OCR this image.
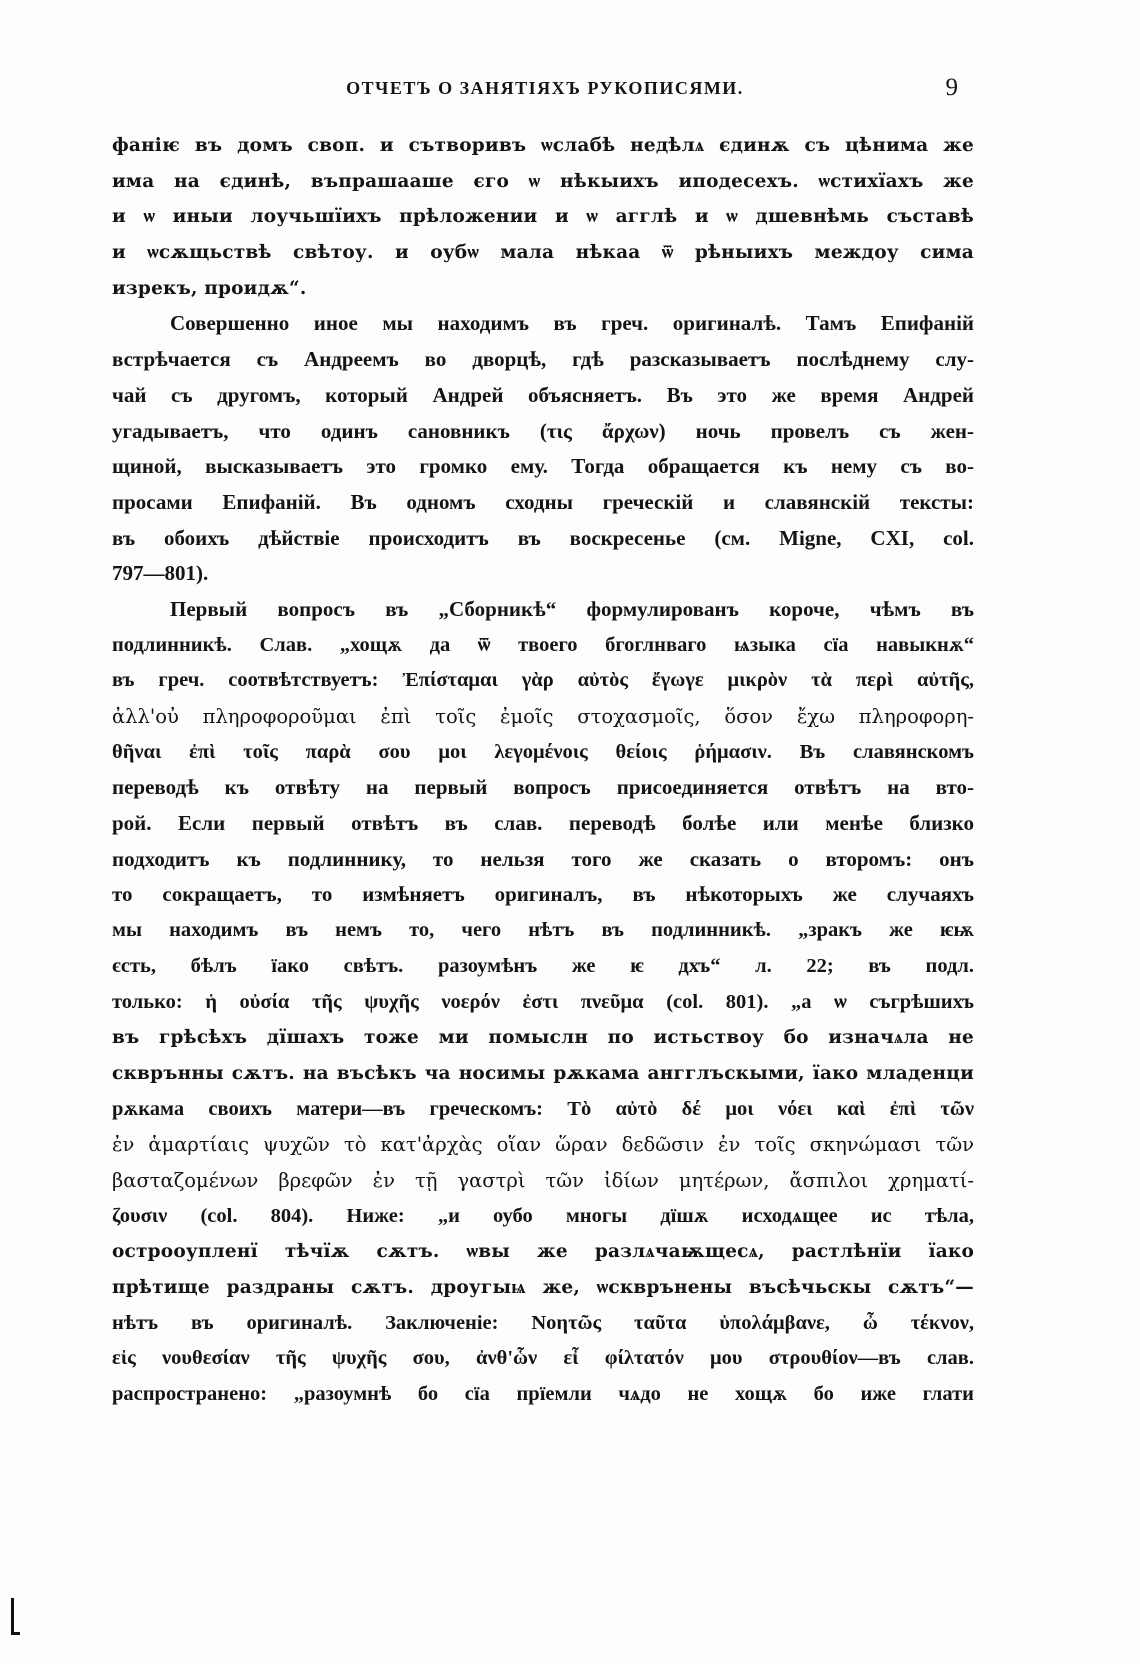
ОТЧЕТЪ О ЗАНЯТІЯХЪ РУКОПИСЯМИ.	9
фаніѥ въ домъ своп. и сътворивъ ѡслабѣ недѣлѧ єдинѫ съ цѣнима же
има на єдинѣ, въпрашааше єго ѡ нѣкыихъ иподесехъ. ѡстихїахъ же
и ѡ иныи лоучьшїихъ прѣложении и ѡ агглѣ и ѡ дшевнѣмь съставѣ
и ѡсѫщьствѣ свѣтоу. и оубѡ мала нѣкаа ѿ рѣныихъ междоу сима
изрекъ, проидѫ“.
Совершенно иное мы находимъ въ греч. оригиналѣ. Тамъ Епифаній
встрѣчается съ Андреемъ во дворцѣ, гдѣ разсказываетъ послѣднему слу-
чай съ другомъ, который Андрей объясняетъ. Въ это же время Андрей
угадываетъ, что одинъ сановникъ (τις ἄρχων) ночь провелъ съ жен-
щиной, высказываетъ это громко ему. Тогда обращается къ нему съ во-
просами Епифаній. Въ одномъ сходны греческій и славянскій тексты:
въ обоихъ дѣйствіе происходитъ въ воскресенье (см. Migne, CXI, col.
797—801).
Первый вопросъ въ „Сборникѣ“ формулированъ короче, чѣмъ въ
подлинникѣ. Слав. „хощѫ да ѿ твоего бгоглнваго ѩзыка сїа навыкнѫ“
въ греч. соотвѣтствуетъ: Ἐπίσταμαι γὰρ αὐτὸς ἔγωγε μικρὸν τὰ περὶ αὐτῆς,
ἀλλ'οὐ πληροφοροῦμαι ἐπὶ τοῖς ἐμοῖς στοχασμοῖς, ὅσον ἔχω πληροφορη-
θῆναι ἐπὶ τοῖς παρὰ σου μοι λεγομένοις θείοις ῥήμασιν. Въ славянскомъ
переводѣ къ отвѣту на первый вопросъ присоединяется отвѣтъ на вто-
рой. Если первый отвѣтъ въ слав. переводѣ болѣе или менѣе близко
подходитъ къ подлиннику, то нельзя того же сказать о второмъ: онъ
то сокращаетъ, то измѣняетъ оригиналъ, въ нѣкоторыхъ же случаяхъ
мы находимъ въ немъ то, чего нѣтъ въ подлинникѣ. „зракъ же ѥѭ
єсть, бѣлъ їако свѣтъ. разоумѣнъ же ѥ дхъ“ л. 22; въ подл.
только: ἡ οὐσία τῆς ψυχῆς νοερόν ἐστι πνεῦμα (col. 801). „а ѡ съгрѣшихъ
въ грѣсѣхъ дїшахъ тоже ми помыслн по истьствоу бо изначѧла не
скврънны сѫтъ. на въсѣкъ ча носимы рѫкама ангглъскыми, їако младенци
рѫкама своихъ матери—въ греческомъ: Τὸ αὐτὸ δέ μοι νόει καὶ ἐπὶ τῶν
ἐν ἁμαρτίαις ψυχῶν τὸ κατ'ἀρχὰς οἵαν ὥραν δεδῶσιν ἐν τοῖς σκηνώμασι τῶν
βασταζομένων βρεφῶν ἐν τῇ γαστρὶ τῶν ἰδίων μητέρων, ἄσπιλοι χρηματί-
ζουσιν (col. 804). Ниже: „и оубо многы дїшѫ исходѧщее ис тѣла,
острооупленї тѣчїѫ сѫтъ. ѡвы же разлѧчаѭщесѧ, растлѣнїи їако
прѣтище раздраны сѫтъ. дроугыѩ же, ѡскврънены въсѣчьскы сѫтъ“—
нѣтъ въ оригиналѣ. Заключеніе: Νοητῶς ταῦτα ὑπολάμβανε, ὦ τέκνον,
εἰς νουθεσίαν τῆς ψυχῆς σου, ἀνθ'ὧν εἶ φίλτατόν μου στρουθίον—въ слав.
распространено: „разоумнѣ бо сїа прїемли чѧдо не хощѫ бо иже глати
